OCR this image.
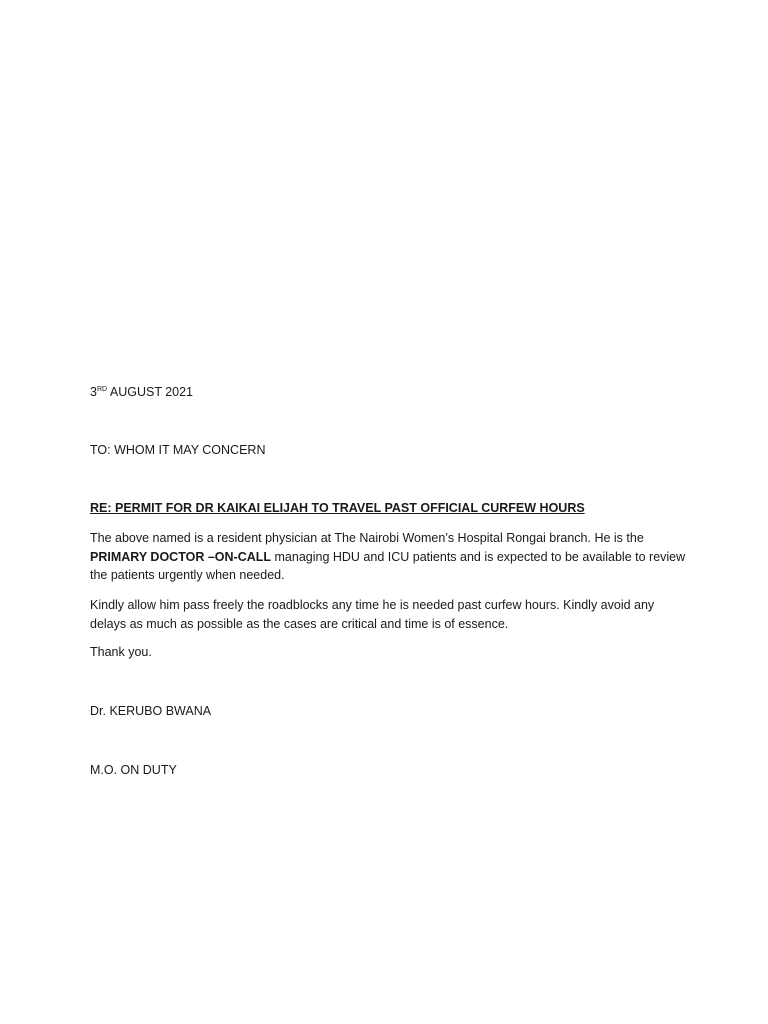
3RD AUGUST 2021
TO: WHOM IT MAY CONCERN
RE: PERMIT FOR DR KAIKAI ELIJAH TO TRAVEL PAST OFFICIAL CURFEW HOURS
The above named is a resident physician at The Nairobi Women’s Hospital Rongai branch. He is the PRIMARY DOCTOR –ON-CALL managing HDU and ICU patients and is expected to be available to review the patients urgently when needed.
Kindly allow him pass freely the roadblocks any time he is needed past curfew hours. Kindly avoid any delays as much as possible as the cases are critical and time is of essence.
Thank you.
Dr. KERUBO BWANA
M.O. ON DUTY
